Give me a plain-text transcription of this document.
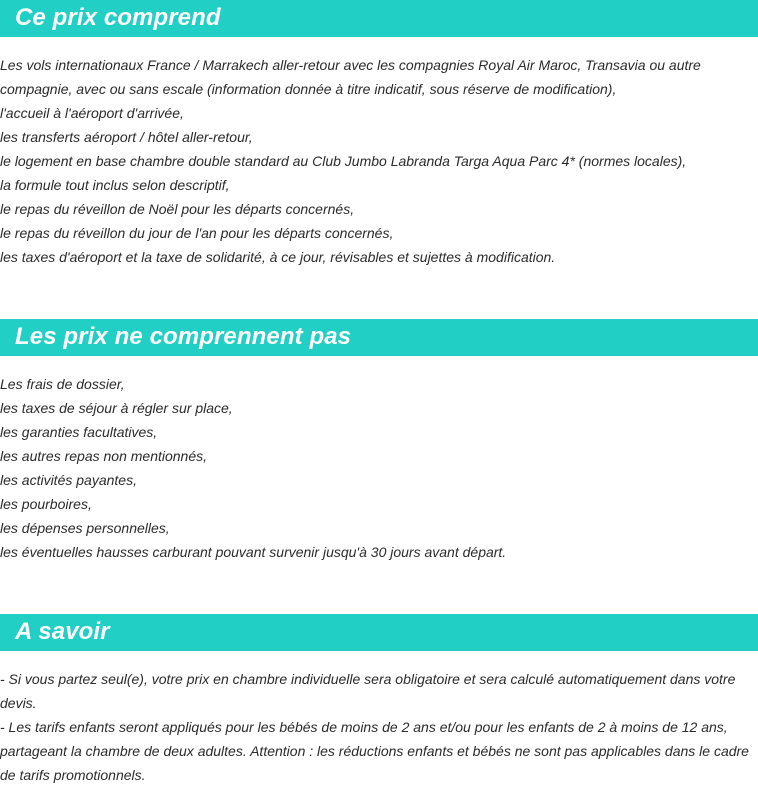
Ce prix comprend
Les vols internationaux France / Marrakech aller-retour avec les compagnies Royal Air Maroc, Transavia ou autre compagnie, avec ou sans escale (information donnée à titre indicatif, sous réserve de modification),
l'accueil à l'aéroport d'arrivée,
les transferts aéroport / hôtel aller-retour,
le logement en base chambre double standard au Club Jumbo Labranda Targa Aqua Parc 4* (normes locales),
la formule tout inclus selon descriptif,
le repas du réveillon de Noël pour les départs concernés,
le repas du réveillon du jour de l'an pour les départs concernés,
les taxes d'aéroport et la taxe de solidarité, à ce jour, révisables et sujettes à modification.
Les prix ne comprennent pas
Les frais de dossier,
les taxes de séjour à régler sur place,
les garanties facultatives,
les autres repas non mentionnés,
les activités payantes,
les pourboires,
les dépenses personnelles,
les éventuelles hausses carburant pouvant survenir jusqu'à 30 jours avant départ.
A savoir
- Si vous partez seul(e), votre prix en chambre individuelle sera obligatoire et sera calculé automatiquement dans votre devis.
- Les tarifs enfants seront appliqués pour les bébés de moins de 2 ans et/ou pour les enfants de 2 à moins de 12 ans, partageant la chambre de deux adultes. Attention : les réductions enfants et bébés ne sont pas applicables dans le cadre de tarifs promotionnels.
